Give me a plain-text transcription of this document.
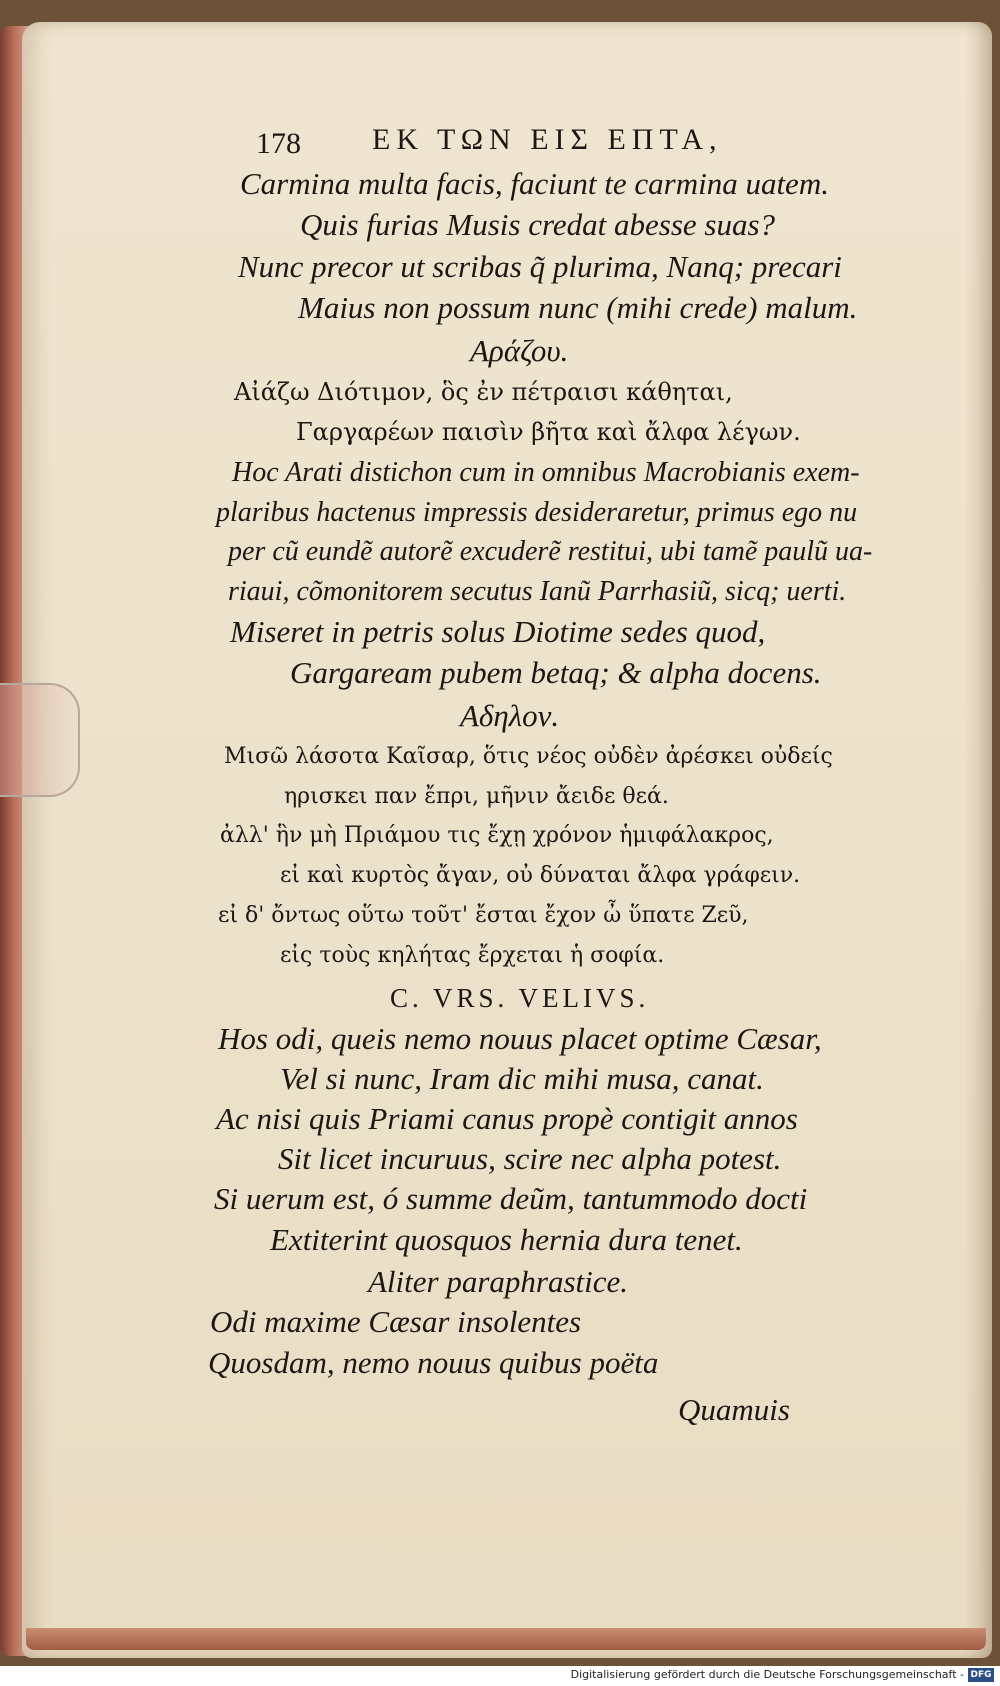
178 ΕΚ ΤΩΝ ΕΙΣ ΕΠΤΑ,
Carmina multa facis, faciunt te carmina uatem.
Quis furias Musis credat abesse suas?
Nunc precor ut scribas q̃ plurima, Nanq; precari
Maius non possum nunc (mihi crede) malum.
Αράζου.
Αἰάζω Διότιμον, ὃς ἐν πέτραισι κάθηται,
Γαργαρέων παισὶν βῆτα καὶ ἄλφα λέγων.
Hoc Arati distichon cum in omnibus Macrobianis exem-
plaribus hactenus impressis desideraretur, primus ego nu
per cũ eundẽ autorẽ excuderẽ restitui, ubi tamẽ paulũ ua-
riaui, cõmonitorem secutus Ianũ Parrhasiũ, sicq; uerti.
Miseret in petris solus Diotime sedes quod,
Gargaream pubem betaq; & alpha docens.
Αδηλον.
Μισῶ λάσοτα Καῖσαρ, ὅτις νέος οὐδὲν ἀρέσκει οὐδείς
ηρισκει παν ἔπρι, μῆνιν ἄειδε θεά.
ἀλλ' ἣν μὴ Πριάμου τις ἔχῃ χρόνον ἡμιφάλακρος,
εἰ καὶ κυρτὸς ἄγαν, οὐ δύναται ἄλφα γράφειν.
εἰ δ' ὄντως οὕτω τοῦτ' ἔσται ἔχον ὦ ὕπατε Ζεῦ,
εἰς τοὺς κηλήτας ἔρχεται ἡ σοφία.
C. VRS. VELIVS.
Hos odi, queis nemo nouus placet optime Cæsar,
Vel si nunc, Iram dic mihi musa, canat.
Ac nisi quis Priami canus propè contigit annos
Sit licet incuruus, scire nec alpha potest.
Si uerum est, ó summe deũm, tantummodo docti
Extiterint quosquos hernia dura tenet.
Aliter paraphrastice.
Odi maxime Cæsar insolentes
Quosdam, nemo nouus quibus poëta
Quamuis
Digitalisierung gefördert durch die Deutsche Forschungsgemeinschaft - DFG
